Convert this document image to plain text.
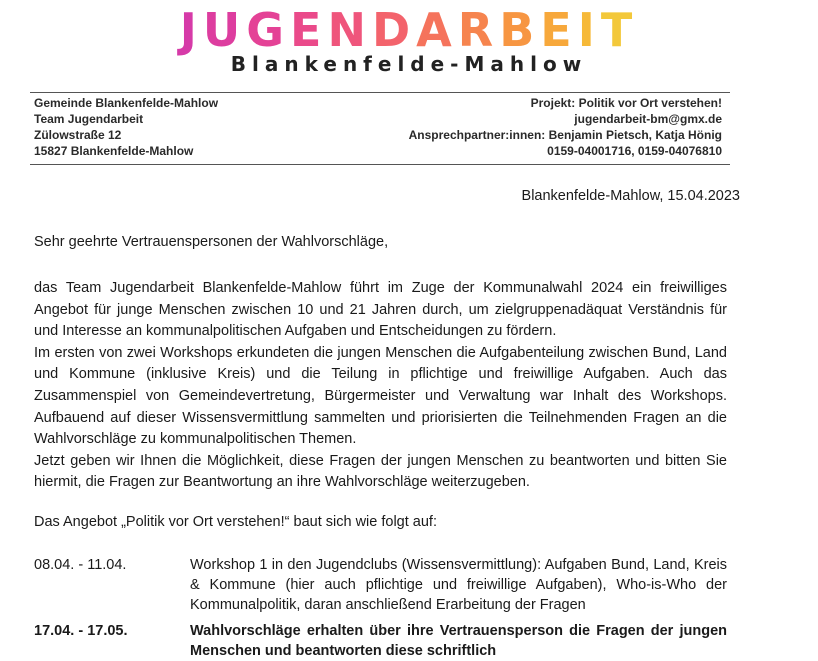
JUGENDARBEIT
Blankenfelde-Mahlow
Gemeinde Blankenfelde-Mahlow
Team Jugendarbeit
Zülowstraße 12
15827 Blankenfelde-Mahlow
Projekt: Politik vor Ort verstehen!
jugendarbeit-bm@gmx.de
Ansprechpartner:innen: Benjamin Pietsch, Katja Hönig
0159-04001716, 0159-04076810
Blankenfelde-Mahlow, 15.04.2023
Sehr geehrte Vertrauenspersonen der Wahlvorschläge,

das Team Jugendarbeit Blankenfelde-Mahlow führt im Zuge der Kommunalwahl 2024 ein freiwilliges Angebot für junge Menschen zwischen 10 und 21 Jahren durch, um zielgruppenadäquat Verständnis für und Interesse an kommunalpolitischen Aufgaben und Entscheidungen zu fördern.

Im ersten von zwei Workshops erkundeten die jungen Menschen die Aufgabenteilung zwischen Bund, Land und Kommune (inklusive Kreis) und die Teilung in pflichtige und freiwillige Aufgaben. Auch das Zusammenspiel von Gemeindevertretung, Bürgermeister und Verwaltung war Inhalt des Workshops. Aufbauend auf dieser Wissensvermittlung sammelten und priorisierten die Teilnehmenden Fragen an die Wahlvorschläge zu kommunalpolitischen Themen.

Jetzt geben wir Ihnen die Möglichkeit, diese Fragen der jungen Menschen zu beantworten und bitten Sie hiermit, die Fragen zur Beantwortung an ihre Wahlvorschläge weiterzugeben.

Das Angebot „Politik vor Ort verstehen!“ baut sich wie folgt auf:
08.04. - 11.04.	Workshop 1 in den Jugendclubs (Wissensvermittlung): Aufgaben Bund, Land, Kreis & Kommune (hier auch pflichtige und freiwillige Aufgaben), Who-is-Who der Kommunalpolitik, daran anschließend Erarbeitung der Fragen
17.04. - 17.05.	Wahlvorschläge erhalten über ihre Vertrauensperson die Fragen der jungen Menschen und beantworten diese schriftlich
